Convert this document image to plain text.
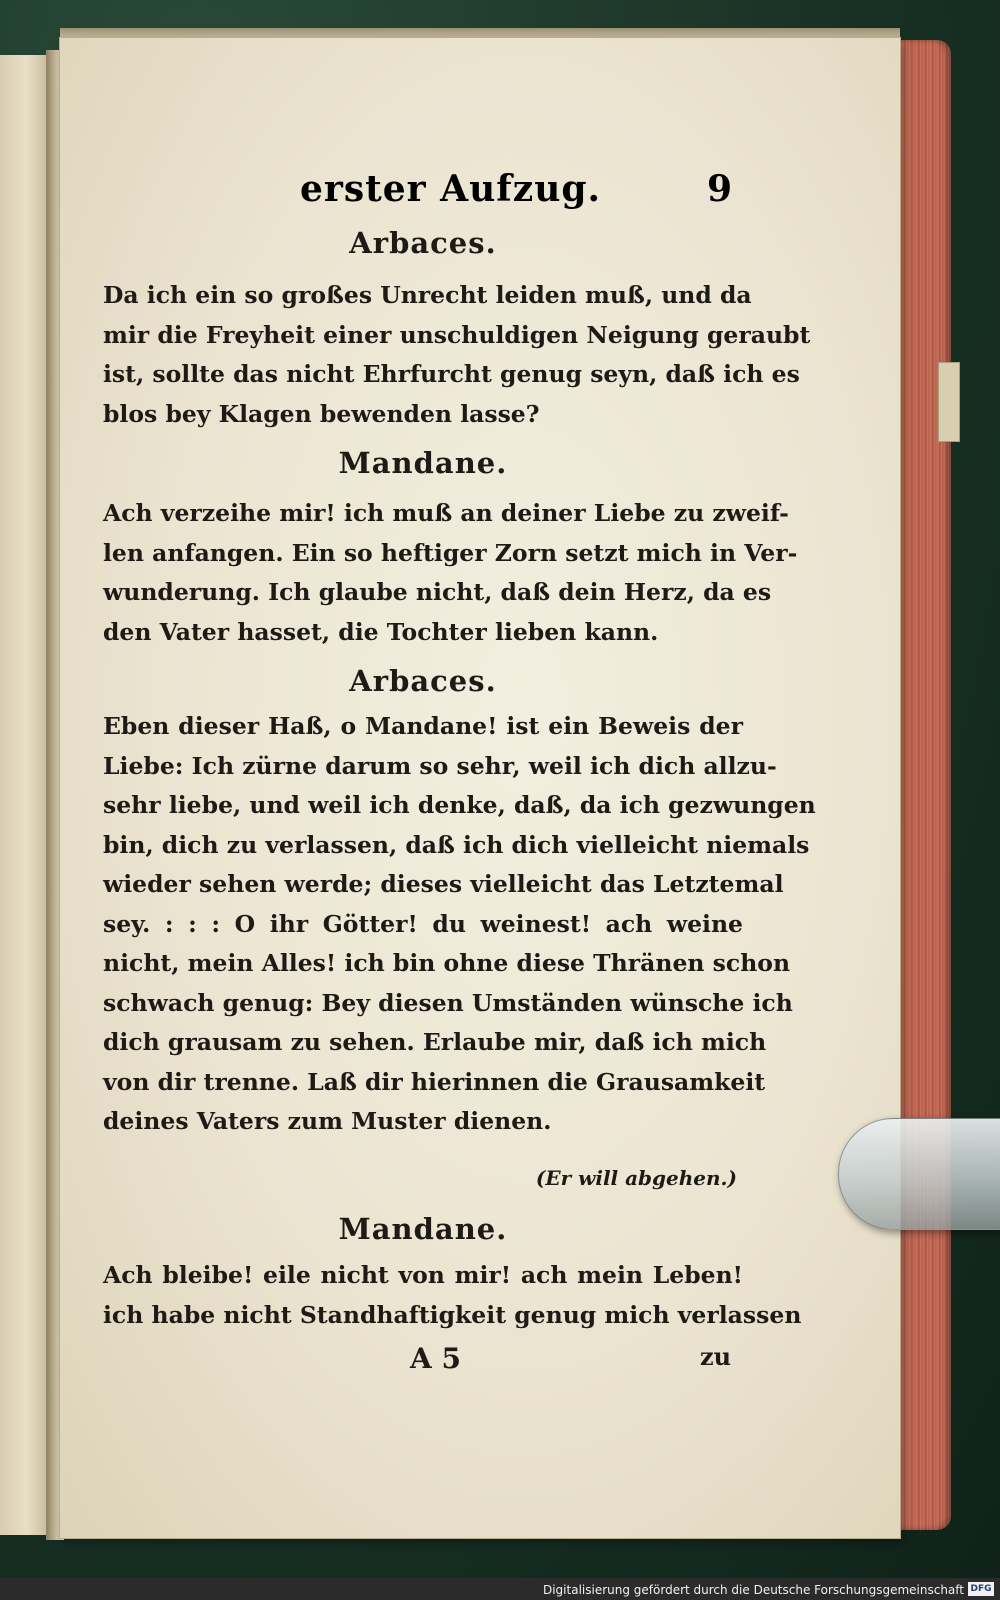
erster Aufzug.	9
Arbaces.
Da ich ein so großes Unrecht leiden muß, und da
mir die Freyheit einer unschuldigen Neigung geraubt
ist, sollte das nicht Ehrfurcht genug seyn, daß ich es
blos bey Klagen bewenden lasse?
Mandane.
Ach verzeihe mir! ich muß an deiner Liebe zu zweif-
len anfangen. Ein so heftiger Zorn setzt mich in Ver-
wunderung. Ich glaube nicht, daß dein Herz, da es
den Vater hasset, die Tochter lieben kann.
Arbaces.
Eben dieser Haß, o Mandane! ist ein Beweis der
Liebe: Ich zürne darum so sehr, weil ich dich allzu-
sehr liebe, und weil ich denke, daß, da ich gezwungen
bin, dich zu verlassen, daß ich dich vielleicht niemals
wieder sehen werde; dieses vielleicht das Letztemal
sey. : : : O ihr Götter! du weinest! ach weine
nicht, mein Alles! ich bin ohne diese Thränen schon
schwach genug: Bey diesen Umständen wünsche ich
dich grausam zu sehen. Erlaube mir, daß ich mich
von dir trenne. Laß dir hierinnen die Grausamkeit
deines Vaters zum Muster dienen.
(Er will abgehen.)
Mandane.
Ach bleibe! eile nicht von mir! ach mein Leben!
ich habe nicht Standhaftigkeit genug mich verlassen
A 5	zu
Digitalisierung gefördert durch die Deutsche Forschungsgemeinschaft DFG
